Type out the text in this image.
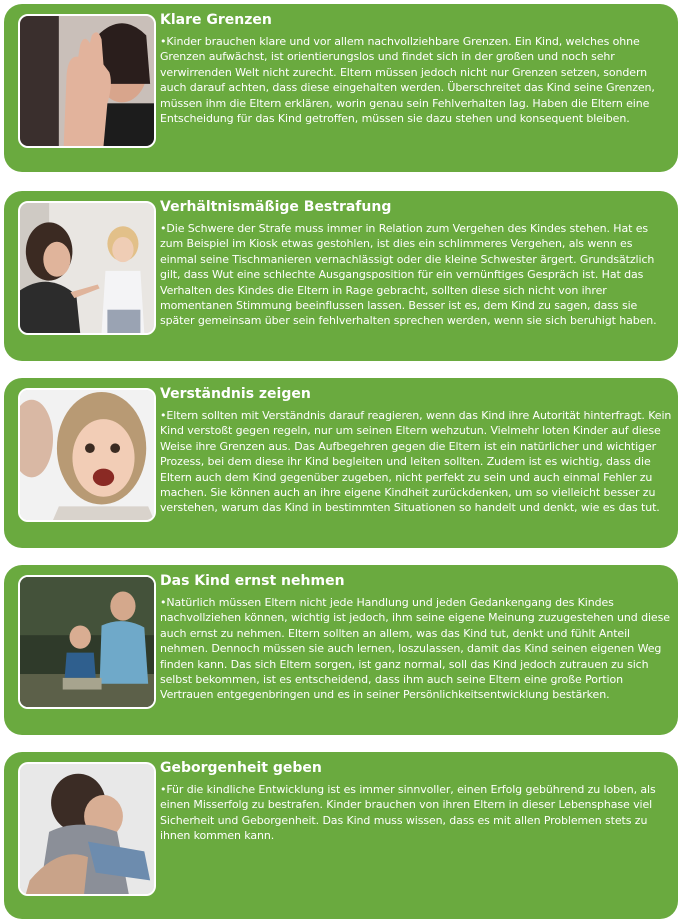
Klare Grenzen
•Kinder brauchen klare und vor allem nachvollziehbare Grenzen. Ein Kind, welches ohne Grenzen aufwächst, ist orientierungslos und findet sich in der großen und noch sehr verwirrenden Welt nicht zurecht. Eltern müssen jedoch nicht nur Grenzen setzen, sondern auch darauf achten, dass diese eingehalten werden. Überschreitet das Kind seine Grenzen, müssen ihm die Eltern erklären, worin genau sein Fehlverhalten lag. Haben die Eltern eine Entscheidung für das Kind getroffen, müssen sie dazu stehen und konsequent bleiben.
Verhältnismäßige Bestrafung
•Die Schwere der Strafe muss immer in Relation zum Vergehen des Kindes stehen. Hat es zum Beispiel im Kiosk etwas gestohlen, ist dies ein schlimmeres Vergehen, als wenn es einmal seine Tischmanieren vernachlässigt oder die kleine Schwester ärgert. Grundsätzlich gilt, dass Wut eine schlechte Ausgangsposition für ein vernünftiges Gespräch ist. Hat das Verhalten des Kindes die Eltern in Rage gebracht, sollten diese sich nicht von ihrer momentanen Stimmung beeinflussen lassen. Besser ist es, dem Kind zu sagen, dass sie später gemeinsam über sein fehlverhalten sprechen werden, wenn sie sich beruhigt haben.
Verständnis zeigen
•Eltern sollten mit Verständnis darauf reagieren, wenn das Kind ihre Autorität hinterfragt. Kein Kind verstoßt gegen regeln, nur um seinen Eltern wehzutun. Vielmehr loten Kinder auf diese Weise ihre Grenzen aus. Das Aufbegehren gegen die Eltern ist ein natürlicher und wichtiger Prozess, bei dem diese ihr Kind begleiten und leiten sollten. Zudem ist es wichtig, dass die Eltern auch dem Kind gegenüber zugeben, nicht perfekt zu sein und auch einmal Fehler zu machen. Sie können auch an ihre eigene Kindheit zurückdenken, um so vielleicht besser zu verstehen, warum das Kind in bestimmten Situationen so handelt und denkt, wie es das tut.
Das Kind ernst nehmen
•Natürlich müssen Eltern nicht jede Handlung und jeden Gedankengang des Kindes nachvollziehen können, wichtig ist jedoch, ihm seine eigene Meinung zuzugestehen und diese auch ernst zu nehmen. Eltern sollten an allem, was das Kind tut, denkt und fühlt Anteil nehmen. Dennoch müssen sie auch lernen, loszulassen, damit das Kind seinen eigenen Weg finden kann. Das sich Eltern sorgen, ist ganz normal, soll das Kind jedoch zutrauen zu sich selbst bekommen, ist es entscheidend, dass ihm auch seine Eltern eine große Portion Vertrauen entgegenbringen und es in seiner Persönlichkeitsentwicklung bestärken.
Geborgenheit geben
•Für die kindliche Entwicklung ist es immer sinnvoller, einen Erfolg gebührend zu loben, als einen Misserfolg zu bestrafen. Kinder brauchen von ihren Eltern in dieser Lebensphase viel Sicherheit und Geborgenheit. Das Kind muss wissen, dass es mit allen Problemen stets zu ihnen kommen kann.
